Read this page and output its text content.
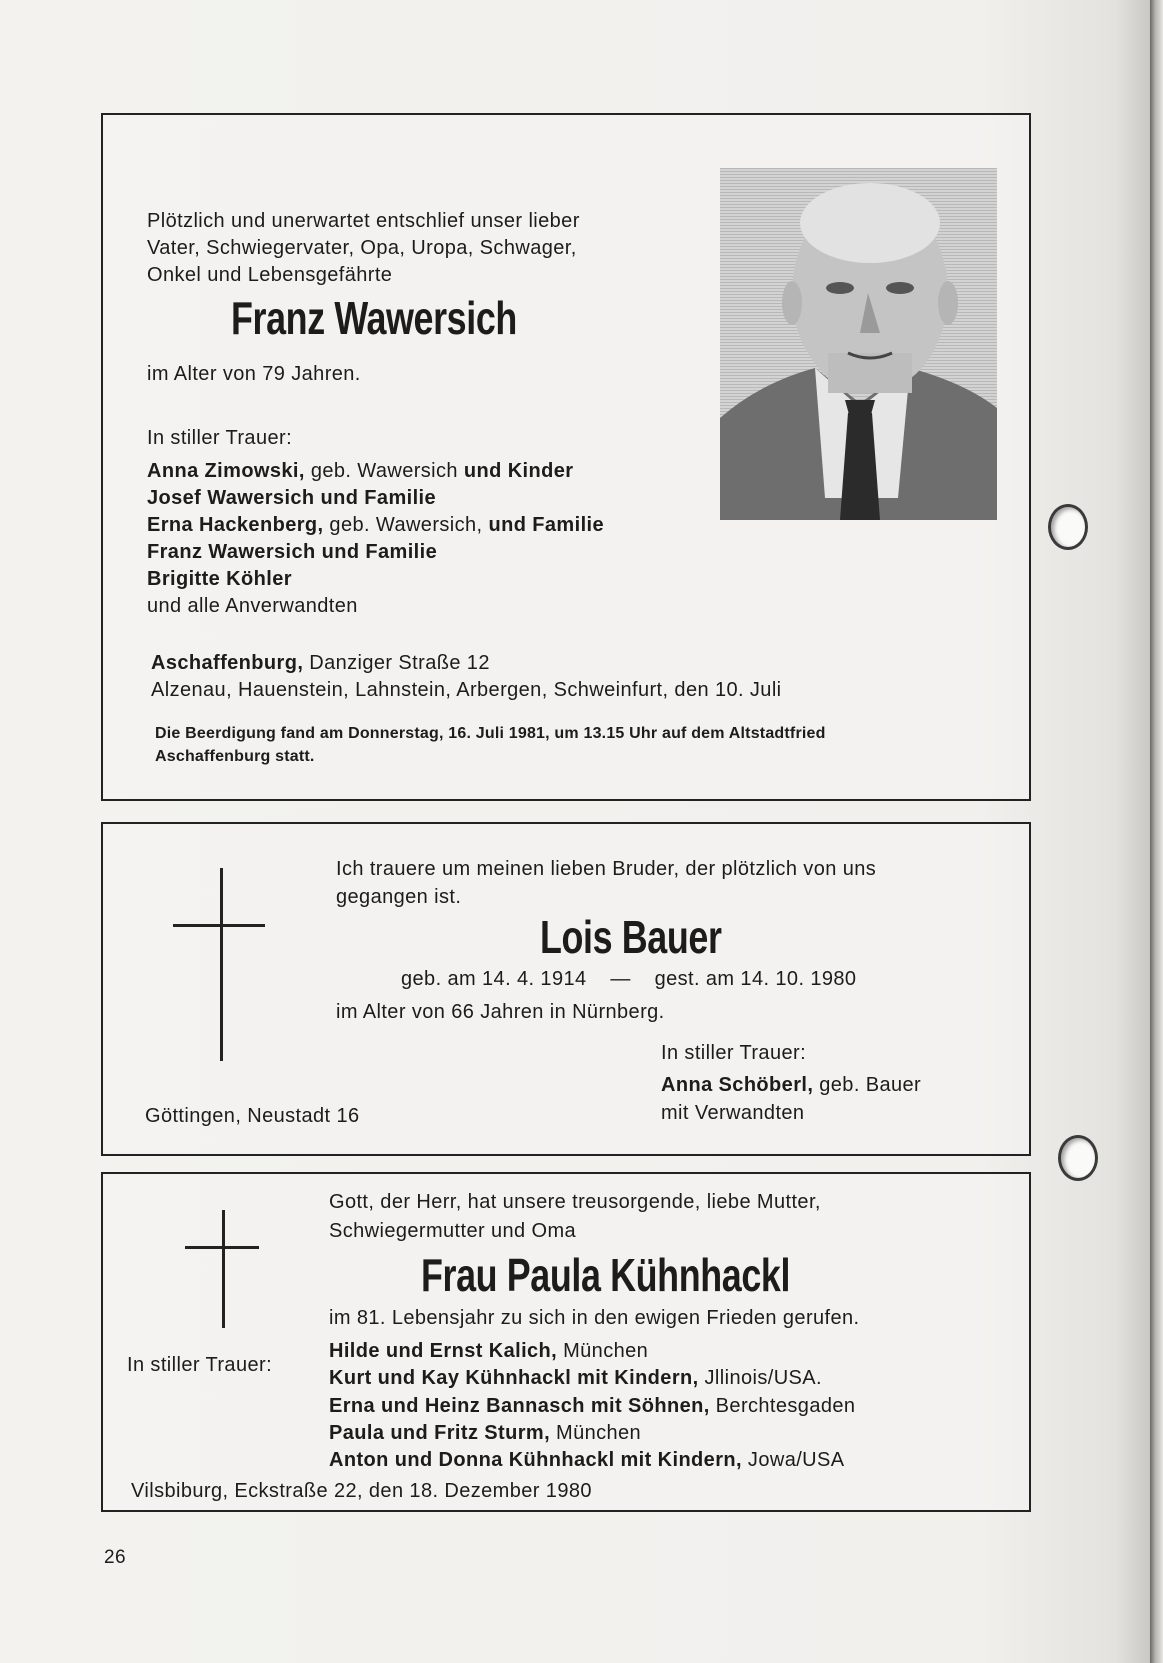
Plötzlich und unerwartet entschlief unser lieber
Vater, Schwiegervater, Opa, Uropa, Schwager,
Onkel und Lebensgefährte
Franz Wawersich
im Alter von 79 Jahren.
In stiller Trauer:
Anna Zimowski, geb. Wawersich und Kinder
Josef Wawersich und Familie
Erna Hackenberg, geb. Wawersich, und Familie
Franz Wawersich und Familie
Brigitte Köhler
und alle Anverwandten
Aschaffenburg, Danziger Straße 12
Alzenau, Hauenstein, Lahnstein, Arbergen, Schweinfurt, den 10. Juli
Die Beerdigung fand am Donnerstag, 16. Juli 1981, um 13.15 Uhr auf dem Altstadtfried
Aschaffenburg statt.
Ich trauere um meinen lieben Bruder, der plötzlich von uns
gegangen ist.
Lois Bauer
geb. am 14. 4. 1914 — gest. am 14. 10. 1980
im Alter von 66 Jahren in Nürnberg.
In stiller Trauer:
Anna Schöberl, geb. Bauer
mit Verwandten
Göttingen, Neustadt 16
Gott, der Herr, hat unsere treusorgende, liebe Mutter,
Schwiegermutter und Oma
Frau Paula Kühnhackl
im 81. Lebensjahr zu sich in den ewigen Frieden gerufen.
In stiller Trauer:
Hilde und Ernst Kalich, München
Kurt und Kay Kühnhackl mit Kindern, Jllinois/USA.
Erna und Heinz Bannasch mit Söhnen, Berchtesgaden
Paula und Fritz Sturm, München
Anton und Donna Kühnhackl mit Kindern, Jowa/USA
Vilsbiburg, Eckstraße 22, den 18. Dezember 1980
26
